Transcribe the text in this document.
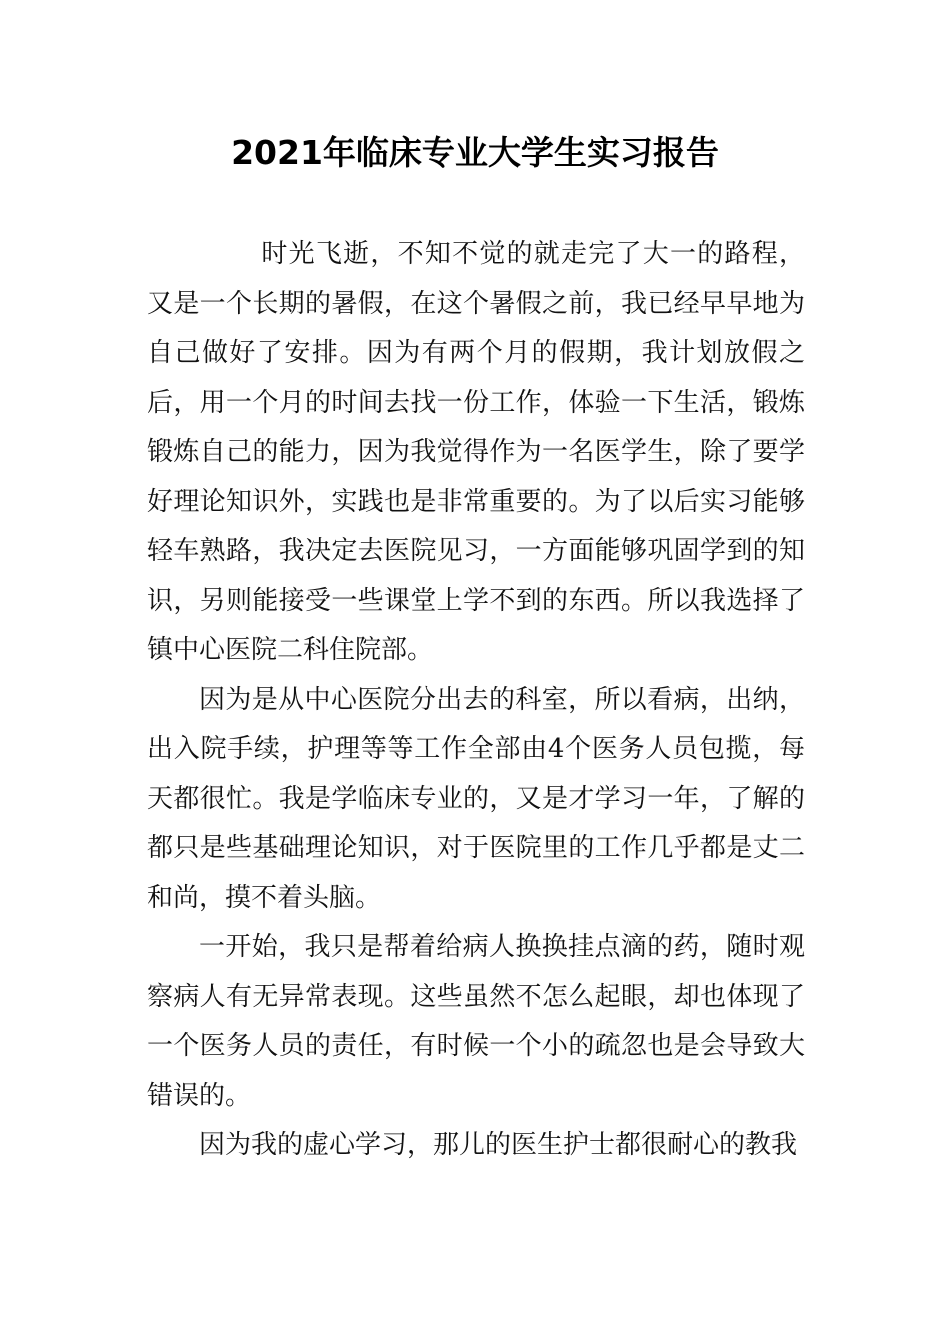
2021年临床专业大学生实习报告

时光飞逝，不知不觉的就走完了大一的路程，又是一个长期的暑假，在这个暑假之前，我已经早早地为自己做好了安排。因为有两个月的假期，我计划放假之后，用一个月的时间去找一份工作，体验一下生活，锻炼锻炼自己的能力，因为我觉得作为一名医学生，除了要学好理论知识外，实践也是非常重要的。为了以后实习能够轻车熟路，我决定去医院见习，一方面能够巩固学到的知识，另则能接受一些课堂上学不到的东西。所以我选择了镇中心医院二科住院部。

因为是从中心医院分出去的科室，所以看病，出纳，出入院手续，护理等等工作全部由4个医务人员包揽，每天都很忙。我是学临床专业的，又是才学习一年，了解的都只是些基础理论知识，对于医院里的工作几乎都是丈二和尚，摸不着头脑。

一开始，我只是帮着给病人换换挂点滴的药，随时观察病人有无异常表现。这些虽然不怎么起眼，却也体现了一个医务人员的责任，有时候一个小的疏忽也是会导致大错误的。

因为我的虚心学习，那儿的医生护士都很耐心的教我
